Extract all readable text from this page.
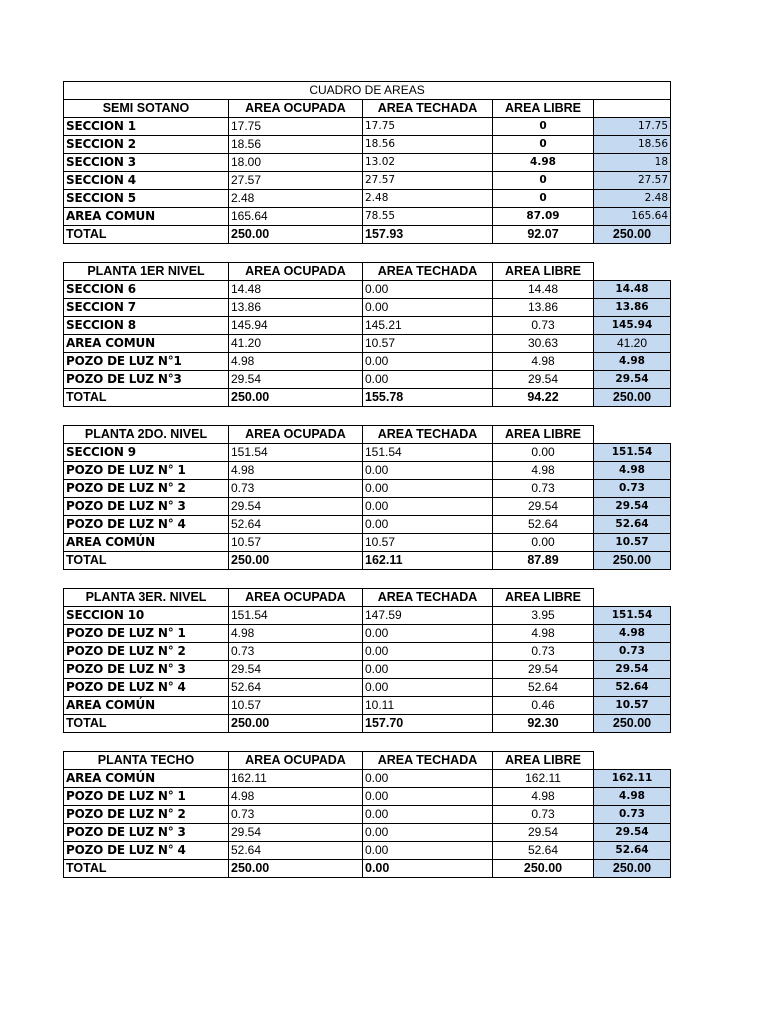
CUADRO DE AREAS				
SEMI SOTANO	AREA OCUPADA	AREA TECHADA	AREA LIBRE	
SECCION 1	17.75	17.75	0	17.75
SECCION 2	18.56	18.56	0	18.56
SECCION 3	18.00	13.02	4.98	18
SECCION 4	27.57	27.57	0	27.57
SECCION 5	2.48	2.48	0	2.48
AREA COMUN	165.64	78.55	87.09	165.64
TOTAL	250.00	157.93	92.07	250.00
PLANTA 1ER NIVEL	AREA OCUPADA	AREA TECHADA	AREA LIBRE	
SECCION 6	14.48	0.00	14.48	14.48
SECCION 7	13.86	0.00	13.86	13.86
SECCION 8	145.94	145.21	0.73	145.94
AREA COMUN	41.20	10.57	30.63	41.20
POZO DE LUZ N°1	4.98	0.00	4.98	4.98
POZO DE LUZ N°3	29.54	0.00	29.54	29.54
TOTAL	250.00	155.78	94.22	250.00
PLANTA 2DO. NIVEL	AREA OCUPADA	AREA TECHADA	AREA LIBRE	
SECCION 9	151.54	151.54	0.00	151.54
POZO DE LUZ N° 1	4.98	0.00	4.98	4.98
POZO DE LUZ N° 2	0.73	0.00	0.73	0.73
POZO DE LUZ N° 3	29.54	0.00	29.54	29.54
POZO DE LUZ N° 4	52.64	0.00	52.64	52.64
AREA COMÚN	10.57	10.57	0.00	10.57
TOTAL	250.00	162.11	87.89	250.00
PLANTA 3ER. NIVEL	AREA OCUPADA	AREA TECHADA	AREA LIBRE	
SECCION 10	151.54	147.59	3.95	151.54
POZO DE LUZ N° 1	4.98	0.00	4.98	4.98
POZO DE LUZ N° 2	0.73	0.00	0.73	0.73
POZO DE LUZ N° 3	29.54	0.00	29.54	29.54
POZO DE LUZ N° 4	52.64	0.00	52.64	52.64
AREA COMÚN	10.57	10.11	0.46	10.57
TOTAL	250.00	157.70	92.30	250.00
PLANTA TECHO	AREA OCUPADA	AREA TECHADA	AREA LIBRE	
AREA COMÚN	162.11	0.00	162.11	162.11
POZO DE LUZ N° 1	4.98	0.00	4.98	4.98
POZO DE LUZ N° 2	0.73	0.00	0.73	0.73
POZO DE LUZ N° 3	29.54	0.00	29.54	29.54
POZO DE LUZ N° 4	52.64	0.00	52.64	52.64
TOTAL	250.00	0.00	250.00	250.00
